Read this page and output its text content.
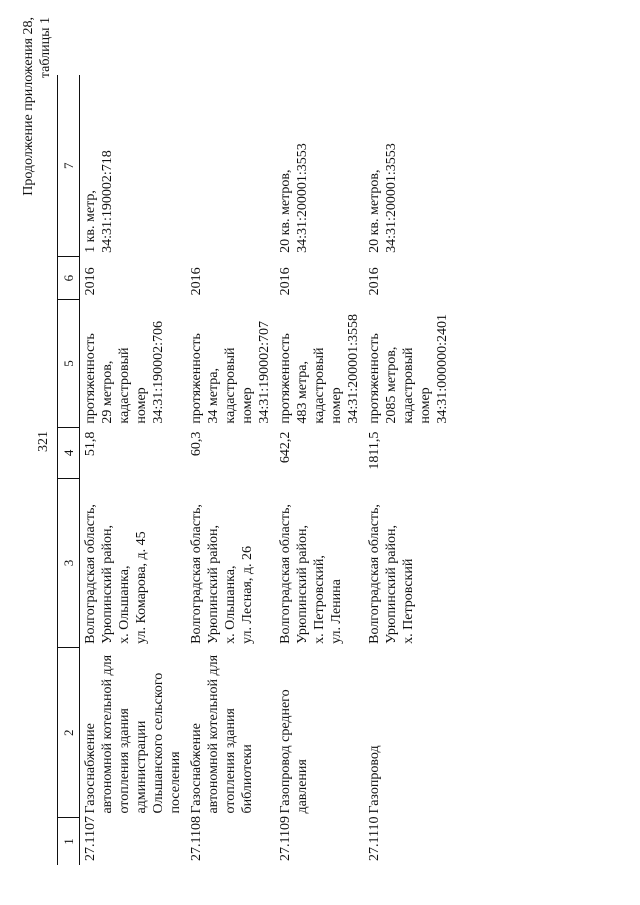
321
Продолжение приложения 28, таблицы 1
1	2	3	4	5	6	7
27.1107	Газоснабжение автономной котельной для отопления здания администрации Ольшанского сельского поселения	Волгоградская область,
Урюпинский район,
х. Ольшанка,
ул. Комарова, д. 45	51,8	протяженность
29 метров,
кадастровый
номер
34:31:190002:706	2016	1 кв. метр,
34:31:190002:718
27.1108	Газоснабжение автономной котельной для отопления здания библиотеки	Волгоградская область,
Урюпинский район,
х. Ольшанка,
ул. Лесная, д. 26	60,3	протяженность
34 метра,
кадастровый
номер
34:31:190002:707	2016	
27.1109	Газопровод среднего давления	Волгоградская область,
Урюпинский район,
х. Петровский,
ул. Ленина	642,2	протяженность
483 метра,
кадастровый
номер
34:31:200001:3558	2016	20 кв. метров,
34:31:200001:3553
27.1110	Газопровод	Волгоградская область,
Урюпинский район,
х. Петровский	1811,5	протяженность
2085 метров,
кадастровый
номер
34:31:000000:2401	2016	20 кв. метров,
34:31:200001:3553
